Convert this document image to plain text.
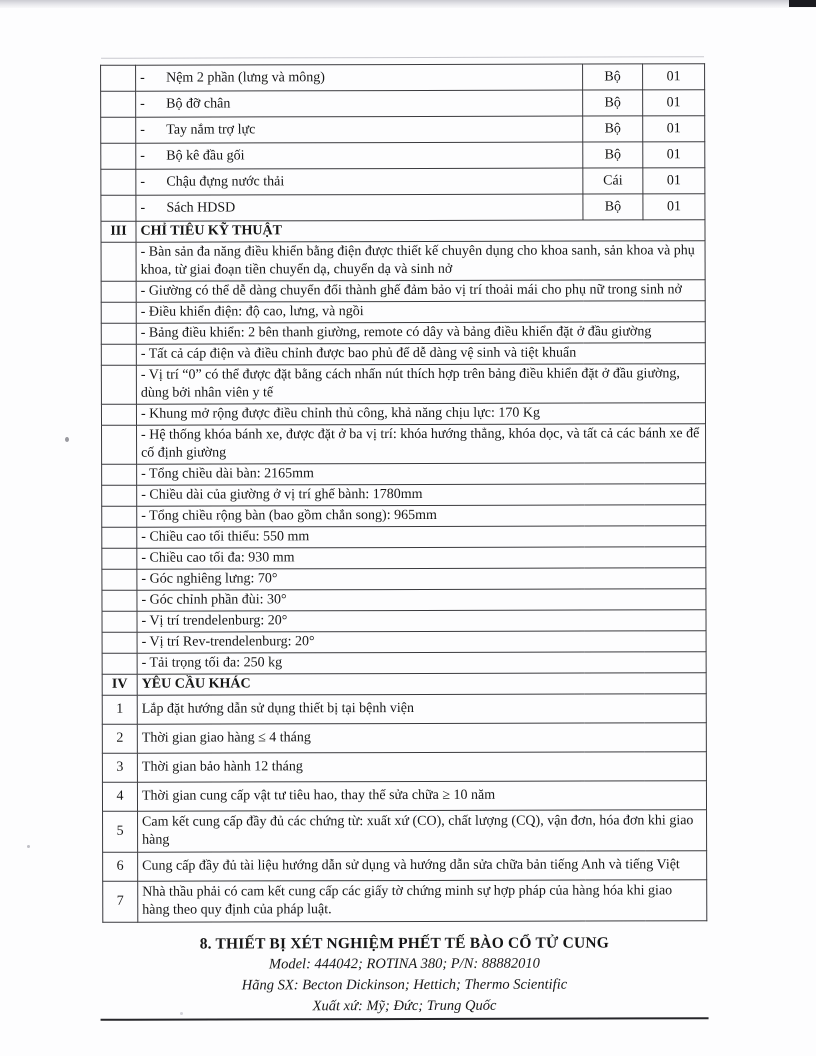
	- Nệm 2 phần (lưng và mông)	Bộ	01
	- Bộ đỡ chân	Bộ	01
	- Tay nắm trợ lực	Bộ	01
	- Bộ kê đầu gối	Bộ	01
	- Chậu đựng nước thải	Cái	01
	- Sách HDSD	Bộ	01
III	CHỈ TIÊU KỸ THUẬT		
	- Bàn sản đa năng điều khiển bằng điện được thiết kế chuyên dụng cho khoa sanh, sản khoa và phụ khoa, từ giai đoạn tiền chuyển dạ, chuyển dạ và sinh nở		
	- Giường có thể dễ dàng chuyển đổi thành ghế đảm bảo vị trí thoải mái cho phụ nữ trong sinh nở		
	- Điều khiển điện: độ cao, lưng, và ngồi		
	- Bảng điều khiển: 2 bên thanh giường, remote có dây và bảng điều khiển đặt ở đầu giường		
	- Tất cả cáp điện và điều chỉnh được bao phủ để dễ dàng vệ sinh và tiệt khuẩn		
	- Vị trí “0” có thể được đặt bằng cách nhấn nút thích hợp trên bảng điều khiển đặt ở đầu giường, dùng bởi nhân viên y tế		
	- Khung mở rộng được điều chỉnh thủ công, khả năng chịu lực: 170 Kg		
	- Hệ thống khóa bánh xe, được đặt ở ba vị trí: khóa hướng thẳng, khóa dọc, và tất cả các bánh xe để cố định giường		
	- Tổng chiều dài bàn: 2165mm		
	- Chiều dài của giường ở vị trí ghế bành: 1780mm		
	- Tổng chiều rộng bàn (bao gồm chắn song): 965mm		
	- Chiều cao tối thiểu: 550 mm		
	- Chiều cao tối đa: 930 mm		
	- Góc nghiêng lưng: 70°		
	- Góc chỉnh phần đùi: 30°		
	- Vị trí trendelenburg: 20°		
	- Vị trí Rev-trendelenburg: 20°		
	- Tải trọng tối đa: 250 kg		
IV	YÊU CẦU KHÁC		
1	Lắp đặt hướng dẫn sử dụng thiết bị tại bệnh viện		
2	Thời gian giao hàng ≤ 4 tháng		
3	Thời gian bảo hành 12 tháng		
4	Thời gian cung cấp vật tư tiêu hao, thay thế sửa chữa ≥ 10 năm		
5	Cam kết cung cấp đầy đủ các chứng từ: xuất xứ (CO), chất lượng (CQ), vận đơn, hóa đơn khi giao hàng		
6	Cung cấp đầy đủ tài liệu hướng dẫn sử dụng và hướng dẫn sửa chữa bản tiếng Anh và tiếng Việt		
7	Nhà thầu phải có cam kết cung cấp các giấy tờ chứng minh sự hợp pháp của hàng hóa khi giao hàng theo quy định của pháp luật.		
8. THIẾT BỊ XÉT NGHIỆM PHẾT TẾ BÀO CỔ TỬ CUNG
Model: 444042; ROTINA 380; P/N: 88882010
Hãng SX: Becton Dickinson; Hettich; Thermo Scientific
Xuất xứ: Mỹ; Đức; Trung Quốc
